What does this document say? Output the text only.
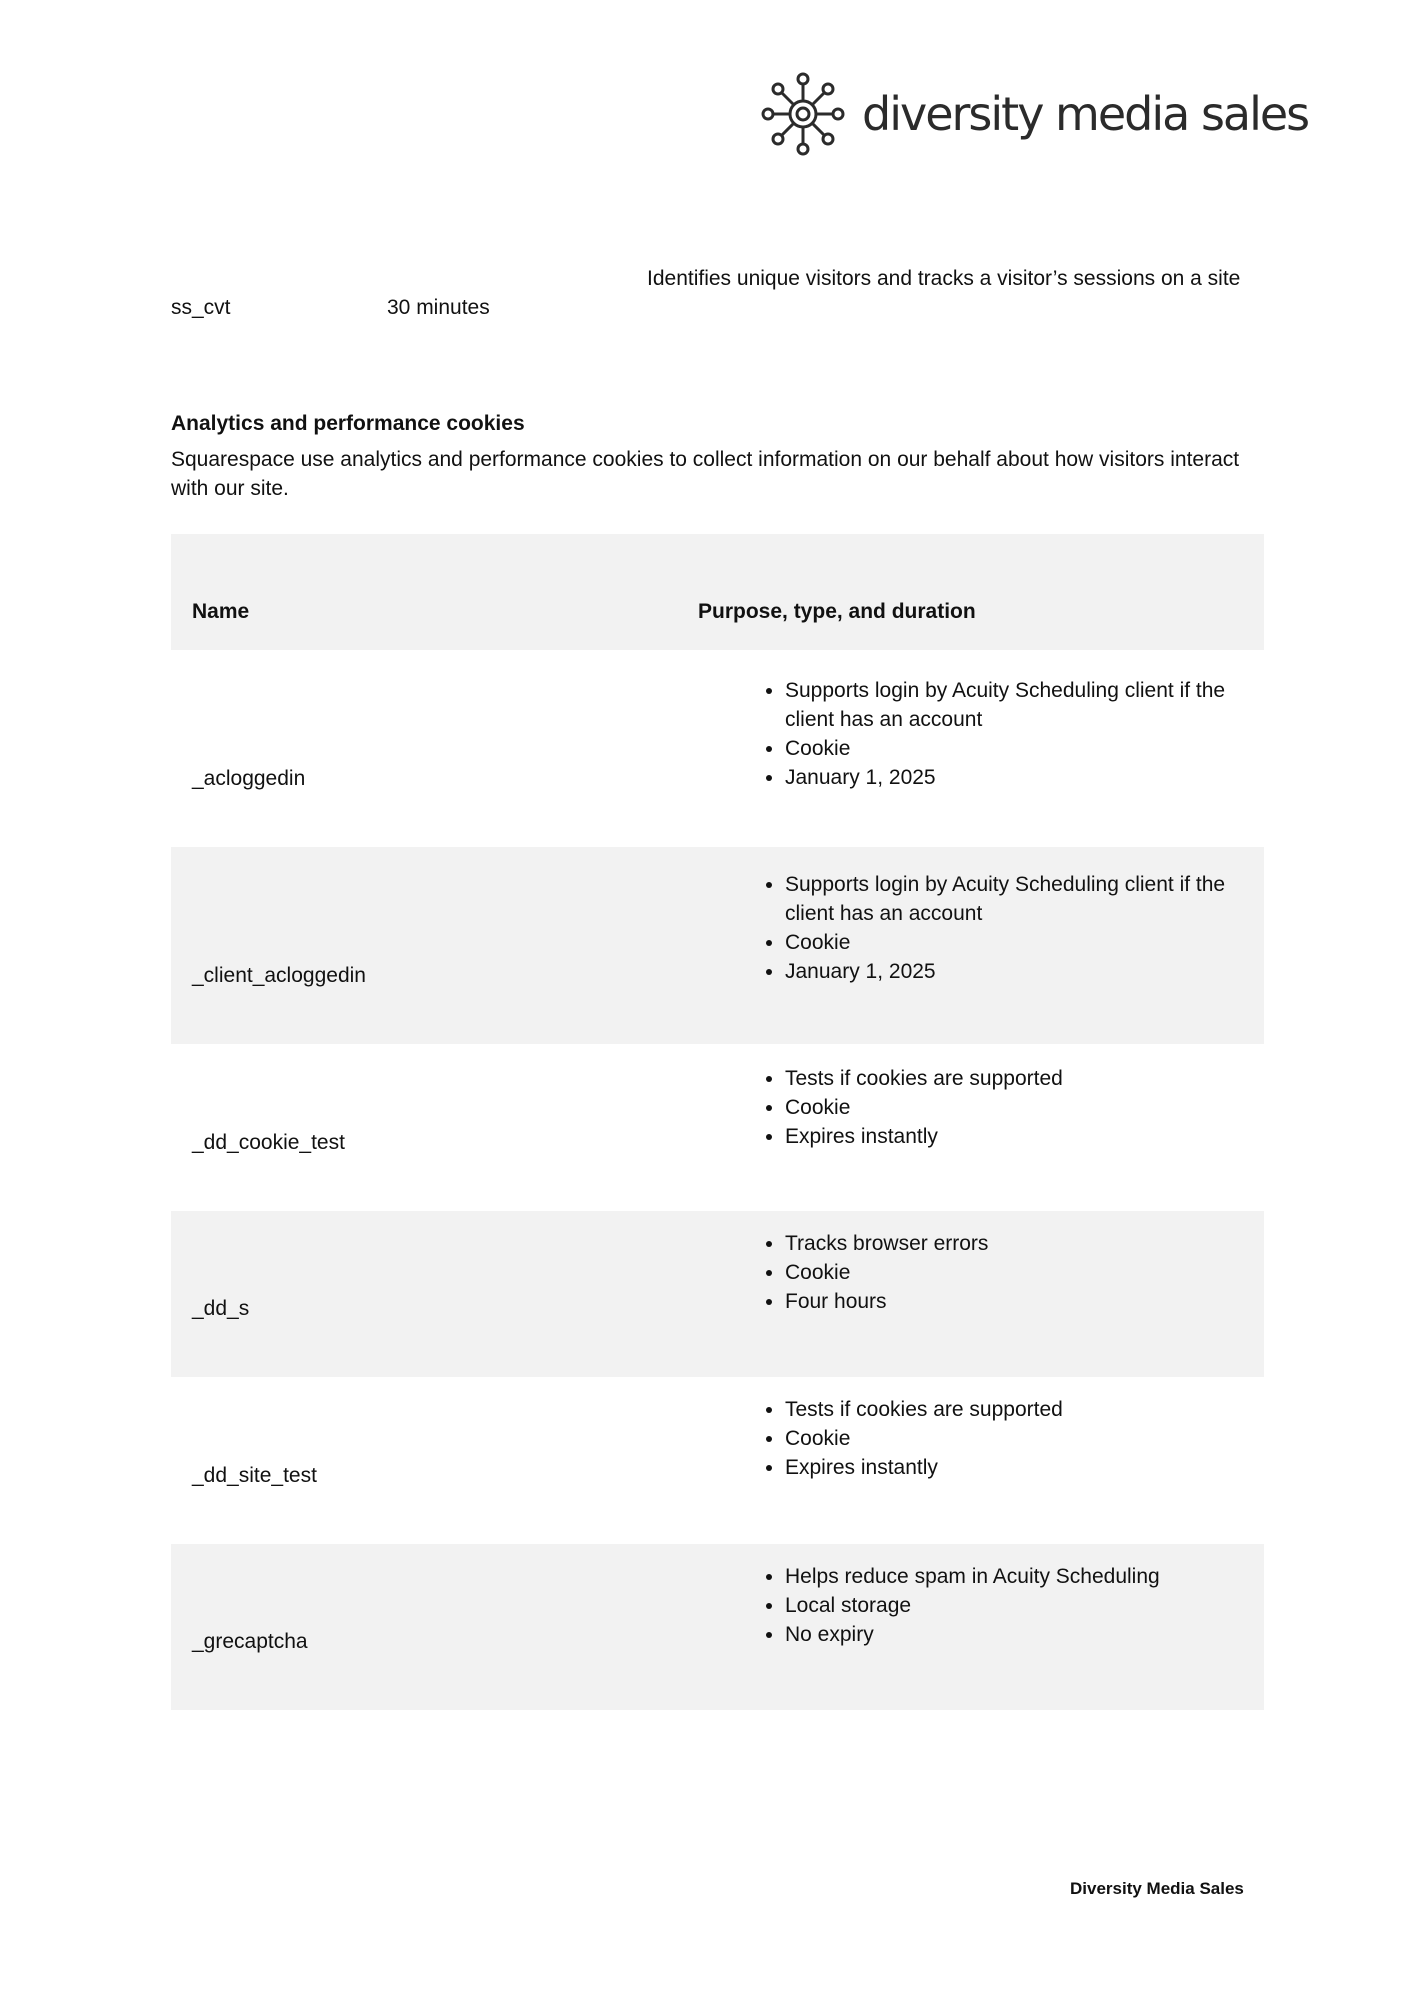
diversity media sales
ss_cvt	30 minutes
Identifies unique visitors and tracks a visitor’s sessions on a site
Analytics and performance cookies
Squarespace use analytics and performance cookies to collect information on our behalf about how visitors interact with our site.
Name	Purpose, type, and duration
_acloggedin
• Supports login by Acuity Scheduling client if the client has an account
• Cookie
• January 1, 2025
_client_acloggedin
• Supports login by Acuity Scheduling client if the client has an account
• Cookie
• January 1, 2025
_dd_cookie_test
• Tests if cookies are supported
• Cookie
• Expires instantly
_dd_s
• Tracks browser errors
• Cookie
• Four hours
_dd_site_test
• Tests if cookies are supported
• Cookie
• Expires instantly
_grecaptcha
• Helps reduce spam in Acuity Scheduling
• Local storage
• No expiry
Diversity Media Sales
